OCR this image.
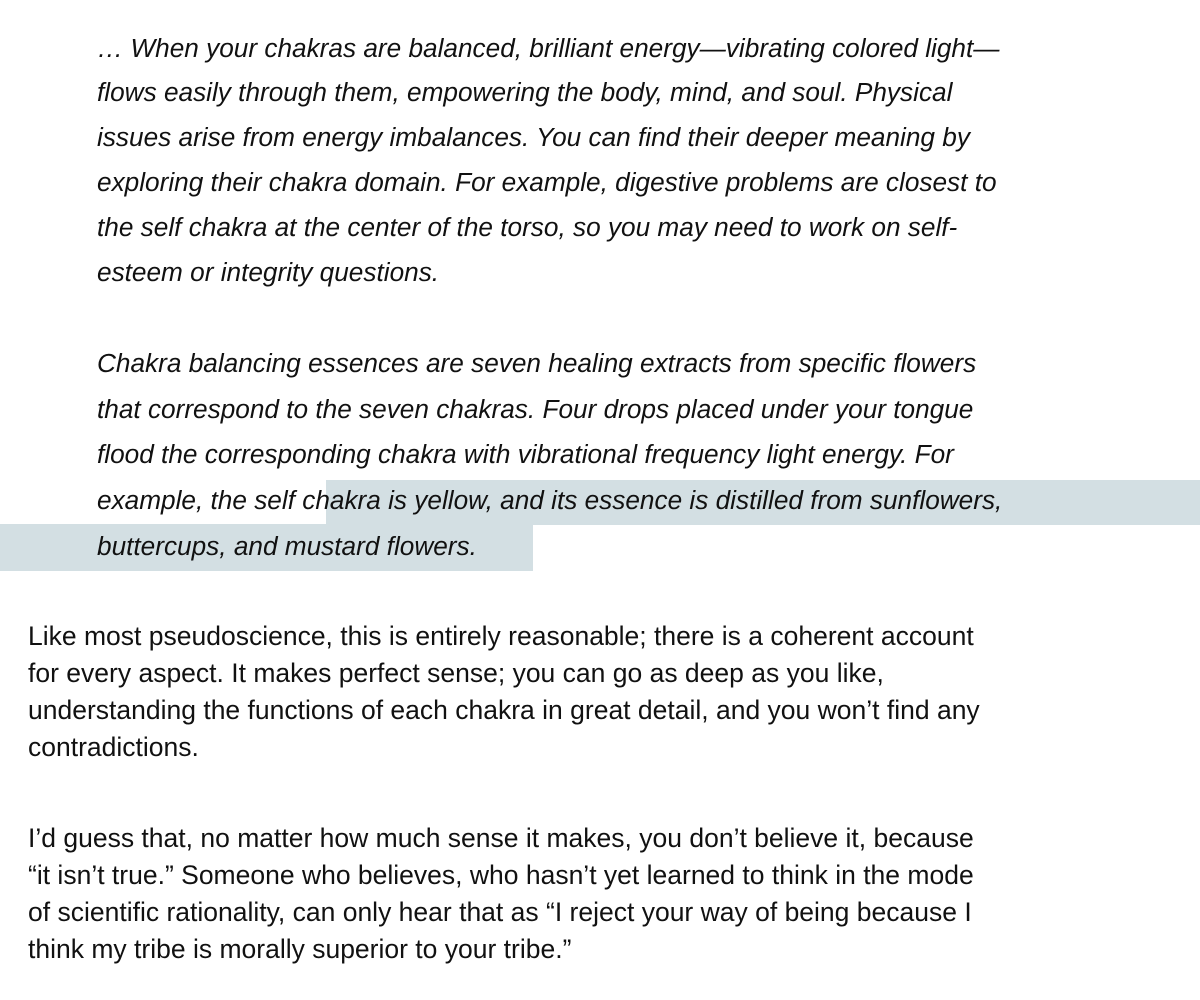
… When your chakras are balanced, brilliant energy—vibrating colored light—
flows easily through them, empowering the body, mind, and soul. Physical
issues arise from energy imbalances. You can find their deeper meaning by
exploring their chakra domain. For example, digestive problems are closest to
the self chakra at the center of the torso, so you may need to work on self-
esteem or integrity questions.
Chakra balancing essences are seven healing extracts from specific flowers
that correspond to the seven chakras. Four drops placed under your tongue
flood the corresponding chakra with vibrational frequency light energy. For
example, the self chakra is yellow, and its essence is distilled from sunflowers,
buttercups, and mustard flowers.
Like most pseudoscience, this is entirely reasonable; there is a coherent account
for every aspect. It makes perfect sense; you can go as deep as you like,
understanding the functions of each chakra in great detail, and you won’t find any
contradictions.
I’d guess that, no matter how much sense it makes, you don’t believe it, because
“it isn’t true.” Someone who believes, who hasn’t yet learned to think in the mode
of scientific rationality, can only hear that as “I reject your way of being because I
think my tribe is morally superior to your tribe.”
